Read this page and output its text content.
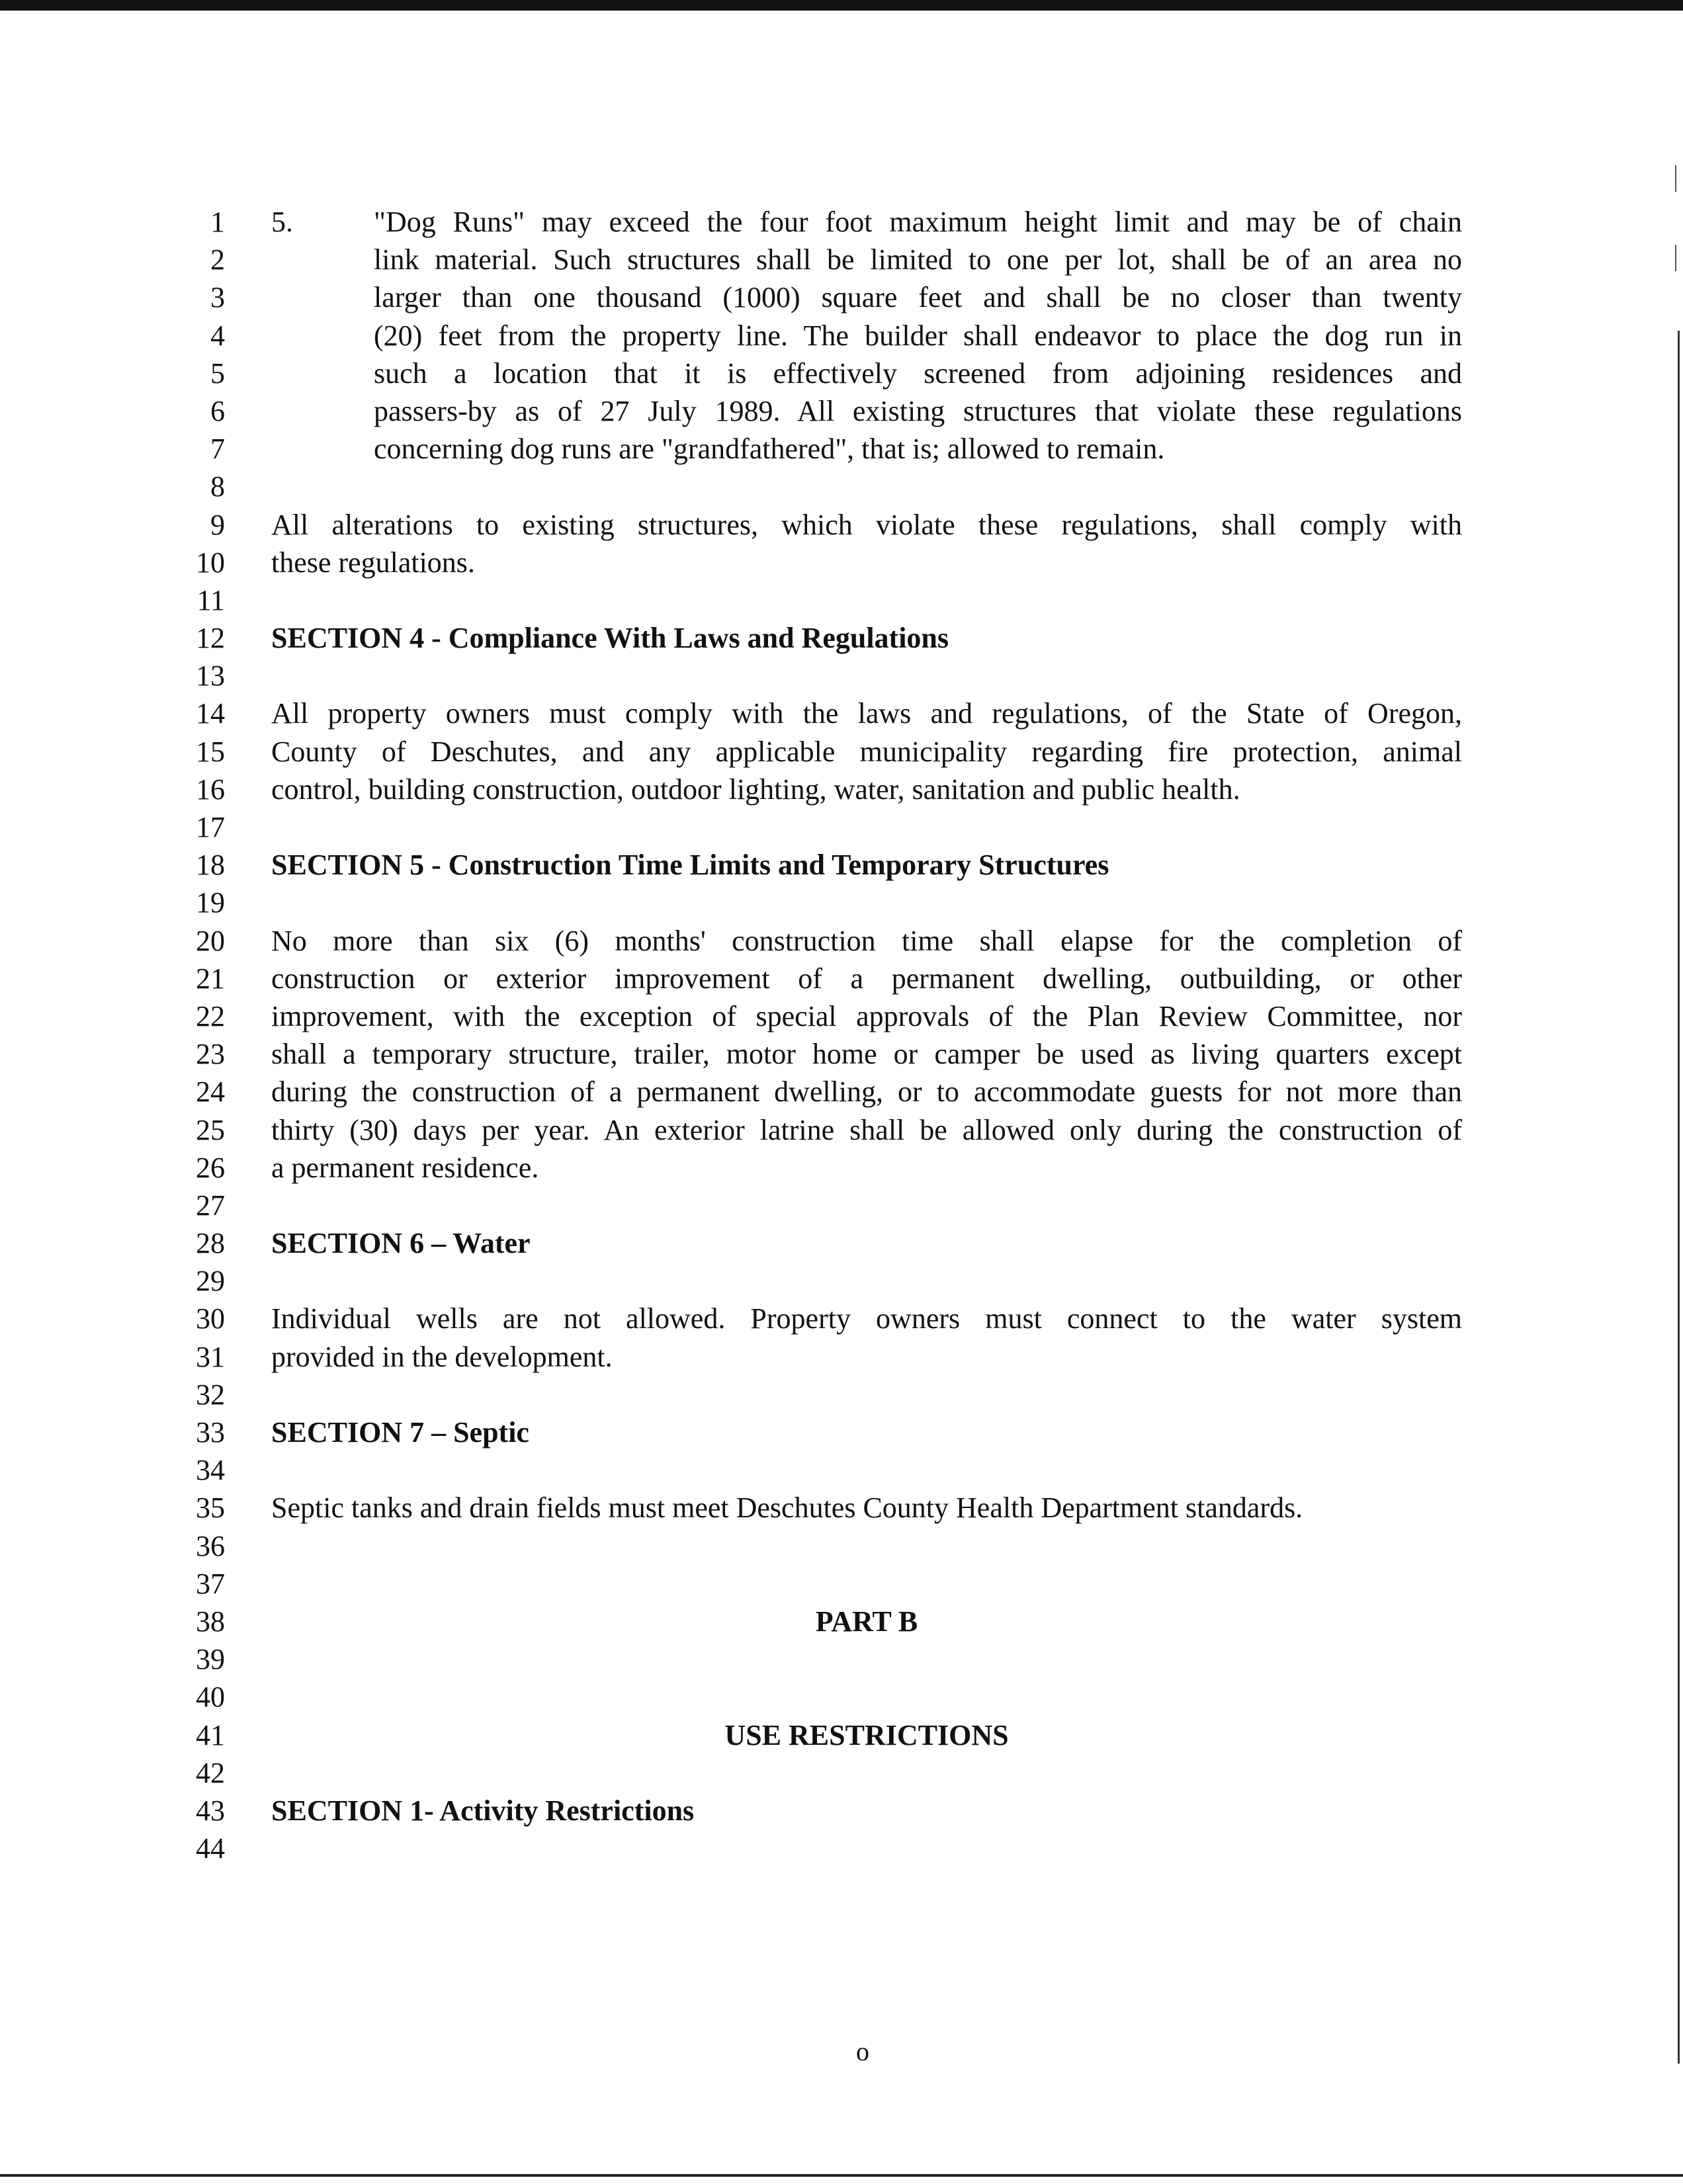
1
2
3
4
5
6
7
8
9
10
11
12
13
14
15
16
17
18
19
20
21
22
23
24
25
26
27
28
29
30
31
32
33
34
35
36
37
38
39
40
41
42
43
44
5.	"Dog Runs" may exceed the four foot maximum height limit and may be of chain
link material. Such structures shall be limited to one per lot, shall be of an area no
larger than one thousand (1000) square feet and shall be no closer than twenty
(20) feet from the property line. The builder shall endeavor to place the dog run in
such a location that it is effectively screened from adjoining residences and
passers-by as of 27 July 1989. All existing structures that violate these regulations
concerning dog runs are "grandfathered", that is; allowed to remain.
All alterations to existing structures, which violate these regulations, shall comply with
these regulations.
SECTION 4 - Compliance With Laws and Regulations
All property owners must comply with the laws and regulations, of the State of Oregon,
County of Deschutes, and any applicable municipality regarding fire protection, animal
control, building construction, outdoor lighting, water, sanitation and public health.
SECTION 5 - Construction Time Limits and Temporary Structures
No more than six (6) months' construction time shall elapse for the completion of
construction or exterior improvement of a permanent dwelling, outbuilding, or other
improvement, with the exception of special approvals of the Plan Review Committee, nor
shall a temporary structure, trailer, motor home or camper be used as living quarters except
during the construction of a permanent dwelling, or to accommodate guests for not more than
thirty (30) days per year. An exterior latrine shall be allowed only during the construction of
a permanent residence.
SECTION 6 – Water
Individual wells are not allowed. Property owners must connect to the water system
provided in the development.
SECTION 7 – Septic
Septic tanks and drain fields must meet Deschutes County Health Department standards.
PART B
USE RESTRICTIONS
SECTION 1- Activity Restrictions
o
